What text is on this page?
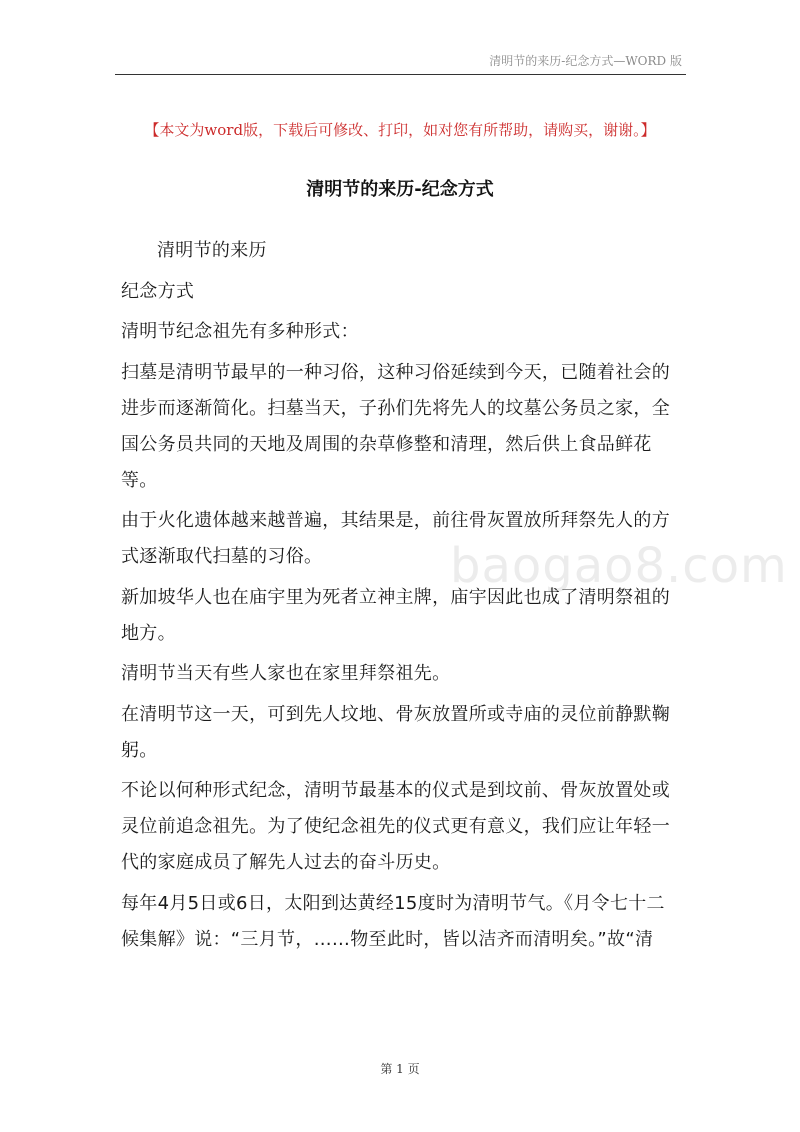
清明节的来历-纪念方式—WORD 版
【本文为word版，下载后可修改、打印，如对您有所帮助，请购买，谢谢。】
清明节的来历-纪念方式
baogao8.com

清明节的来历

纪念方式

清明节纪念祖先有多种形式：

扫墓是清明节最早的一种习俗，这种习俗延续到今天，已随着社会的进步而逐渐简化。扫墓当天，子孙们先将先人的坟墓公务员之家，全国公务员共同的天地及周围的杂草修整和清理，然后供上食品鲜花等。

由于火化遗体越来越普遍，其结果是，前往骨灰置放所拜祭先人的方式逐渐取代扫墓的习俗。

新加坡华人也在庙宇里为死者立神主牌，庙宇因此也成了清明祭祖的地方。

清明节当天有些人家也在家里拜祭祖先。

在清明节这一天，可到先人坟地、骨灰放置所或寺庙的灵位前静默鞠躬。

不论以何种形式纪念，清明节最基本的仪式是到坟前、骨灰放置处或灵位前追念祖先。为了使纪念祖先的仪式更有意义，我们应让年轻一代的家庭成员了解先人过去的奋斗历史。

每年4月5日或6日，太阳到达黄经15度时为清明节气。《月令七十二候集解》说：“三月节，……物至此时，皆以洁齐而清明矣。”故“清

第 1 页
